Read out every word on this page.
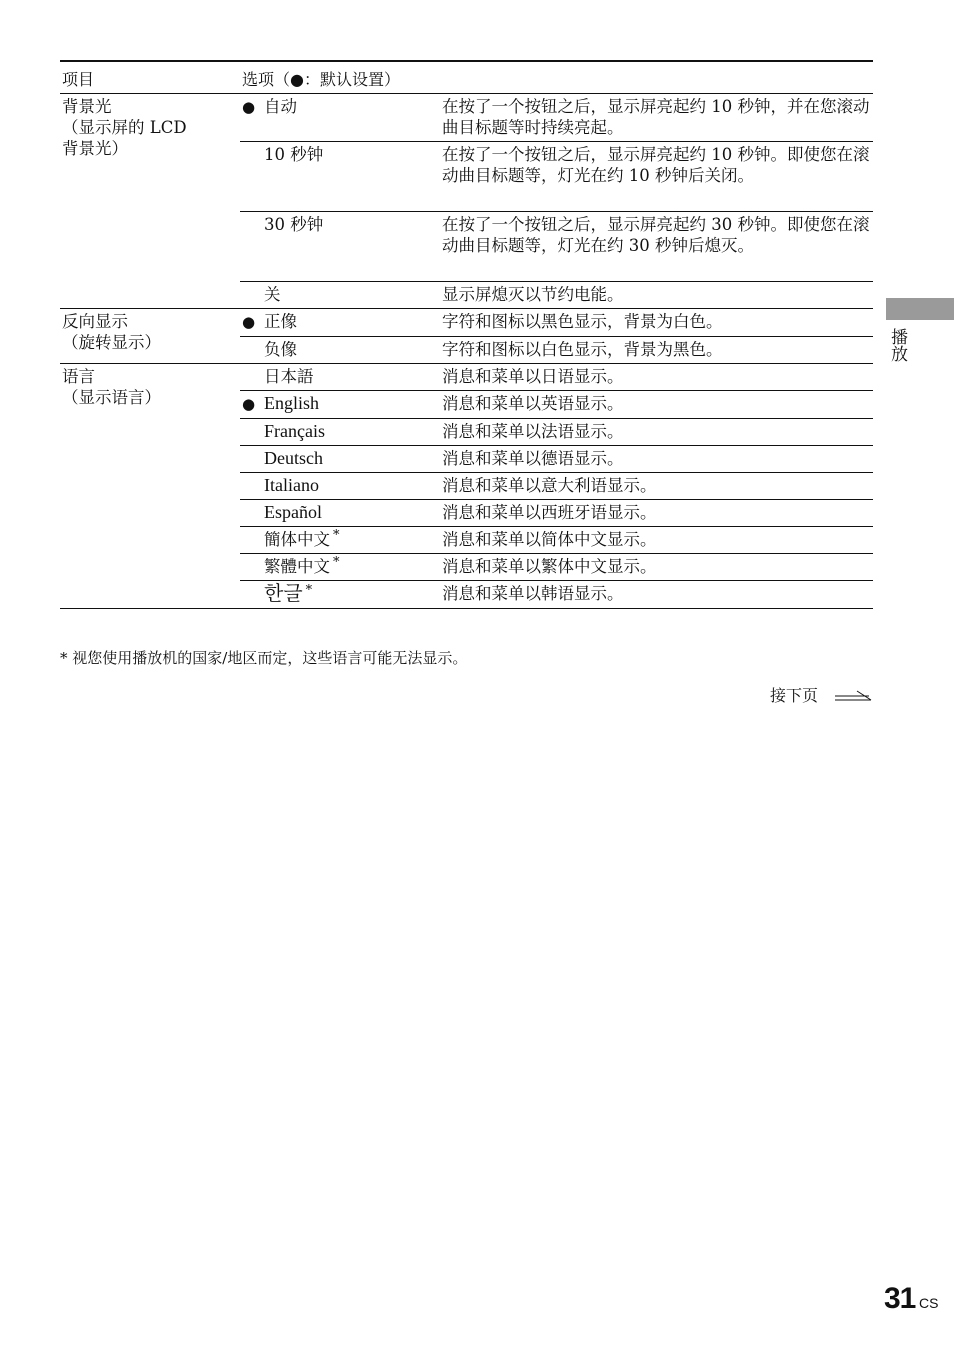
项目	选项（●：默认设置）	

背景光
（显示屏的 LCD
背景光）	● 自动	在按了一个按钮之后，显示屏亮起约 10 秒钟，并在您滚动曲目标题等时持续亮起。
	10 秒钟	在按了一个按钮之后，显示屏亮起约 10 秒钟。即使您在滚动曲目标题等，灯光在约 10 秒钟后关闭。
	30 秒钟	在按了一个按钮之后，显示屏亮起约 30 秒钟。即使您在滚动曲目标题等，灯光在约 30 秒钟后熄灭。
	关	显示屏熄灭以节约电能。

反向显示
（旋转显示）	● 正像	字符和图标以黑色显示，背景为白色。
	负像	字符和图标以白色显示，背景为黑色。

语言
（显示语言）	日本語	消息和菜单以日语显示。
	● English	消息和菜单以英语显示。
	Français	消息和菜单以法语显示。
	Deutsch	消息和菜单以德语显示。
	Italiano	消息和菜单以意大利语显示。
	Español	消息和菜单以西班牙语显示。
	簡体中文 *	消息和菜单以简体中文显示。
	繁體中文 *	消息和菜单以繁体中文显示。
	한글 *	消息和菜单以韩语显示。
* 视您使用播放机的国家/地区而定，这些语言可能无法显示。
接下页
播放
31 CS
